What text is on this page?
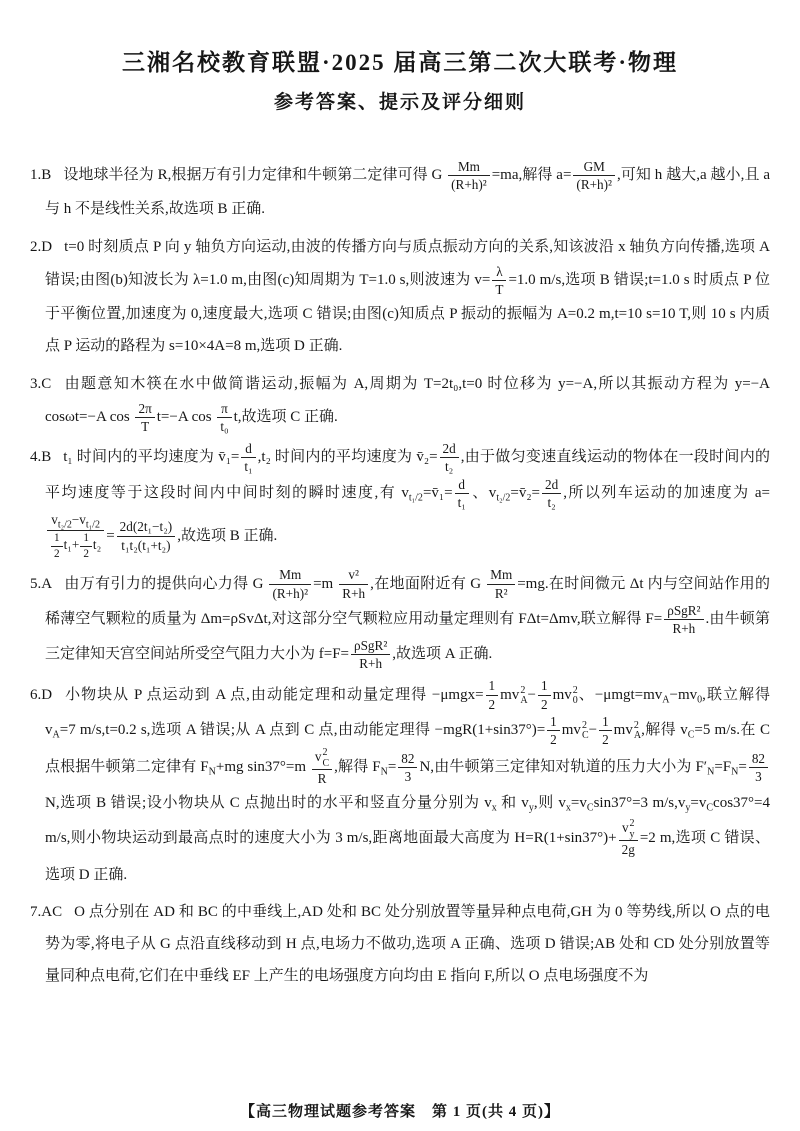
三湘名校教育联盟·2025 届高三第二次大联考·物理
参考答案、提示及评分细则

1.B 设地球半径为 R,根据万有引力定律和牛顿第二定律可得 G $\frac{Mm}{\text{(R+h)²}} =ma$,解得 $a= \frac{GM}{\text{(R+h)²}}$ ,可知 h 越大,a 越小,且 a 与 h 不是线性关系,故选项 B 正确.

2.D t=0 时刻质点 P 向 y 轴负方向运动,由波的传播方向与质点振动方向的关系,知该波沿 x 轴负方向传播,选项 A 错误;由图(b)知波长为 λ=1.0 m,由图(c)知周期为 T=1.0 s,则波速为 $v= \frac{\lambda}{T} =1.0$ m/s,选项 B 错误;t=1.0 s 时质点 P 位于平衡位置,加速度为 0,速度最大,选项 C 错误;由图(c)知质点 P 振动的振幅为 A=0.2 m,t=10 s=10 T,则 10 s 内质点 P 运动的路程为 s=10×4A=8 m,选项 D 正确.

3.C 由题意知木筷在水中做简谐运动,振幅为 A,周期为 T=2t₀,t=0 时位移为 y=−A,所以其振动方程为 y=−A cosωt=−A $\cos \frac{2\pi}{T} t=-A$ $\cos \frac{\pi}{\text{t₀}} t$,故选项 C 正确.

4.B t₁ 时间内的平均速度为 v̄₁= $\frac{d}{\text{t₁}} ,t_2$ 时间内的平均速度为 v̄₂= $\frac{2d}{\text{t₂}}$ ,由于做匀变速直线运动的物体在一段时间内的平均速度等于这段时间内中间时刻的瞬时速度,有 $v_{t_1/2}=v̄_1= \frac{d}{\text{t₁}}$ 、$v_{t_2/2}=v̄_2= \frac{2d}{\text{t₂}}$ ,所以列车运动的加速度为 a=
$\frac{v_{t_2/2}-v_{t_1/2}}{\frac{1}{2} t_1+ \frac{1}{2} t_2} = \frac{\text{2d(2t₁−t₂)}}{\text{t₁t₂(t₁+t₂)}}$ ,故选项 B 正确.

5.A 由万有引力的提供向心力得 G $\frac{Mm}{\text{(R+h)²}} =m \frac{\text{v²}}{R+h}$ ,在地面附近有 G $\frac{Mm}{\text{R²}} =mg$.在时间微元 Δt 内与空间站作用的稀薄空气颗粒的质量为 Δm=ρSvΔt,对这部分空气颗粒应用动量定理则有 FΔt=Δmv,联立解得 $F= \frac{\text{ρSgR²}}{R+h}$ .由牛顿第三定律知天宫空间站所受空气阻力大小为 $f=F= \frac{\text{ρSgR²}}{R+h}$ ,故选项 A 正确.

6.D 小物块从 P 点运动到 A 点,由动能定理和动量定理得 $-\mu mgx= \frac{1}{2}$ mv 2
$A - \frac{1}{2}$ mv 2
0 、$-\mu mgt=mv_A-mv_0$,联立解得 $v_A=7$ m/s,t=0.2 s,选项 A 错误;从 A 点到 C 点,由动能定理得 $-mgR(1+\sin 37^\circ)= \frac{1}{2}$ mv 2
$C - \frac{1}{2}$ mv 2
A ,解得 $v_C=5$ m/s.在 C 点根据牛顿第二定律有 $F_N+mg$ sin37°=m v 2
C
R ,解得 $F_N= \frac{82}{3} N$,由牛顿第三定律知对轨道的压力大小为 $F'_N=F_N= \frac{82}{3}$
N,选项 B 错误;设小物块从 C 点抛出时的水平和竖直分量分别为 $v_x$ 和 $v_y$,则 $v_x=v_C\sin 37^\circ=3$ $m/s,v_y=v_C\cos 37^\circ=4$ m/s,则小物块运动到最高点时的速度大小为 3 m/s,距离地面最大高度为 H=R(1+sin37°)+ v 2
y
2g =2 m,选项 C 错误、选项 D 正确.

7.AC O 点分别在 AD 和 BC 的中垂线上,AD 处和 BC 处分别放置等量异种点电荷,GH 为 0 等势线,所以 O 点的电势为零,将电子从 G 点沿直线移动到 H 点,电场力不做功,选项 A 正确、选项 D 错误;AB 处和 CD 处分别放置等量同种点电荷,它们在中垂线 EF 上产生的电场强度方向均由 E 指向 F,所以 O 点电场强度不为

【高三物理试题参考答案　第 1 页(共 4 页)】
